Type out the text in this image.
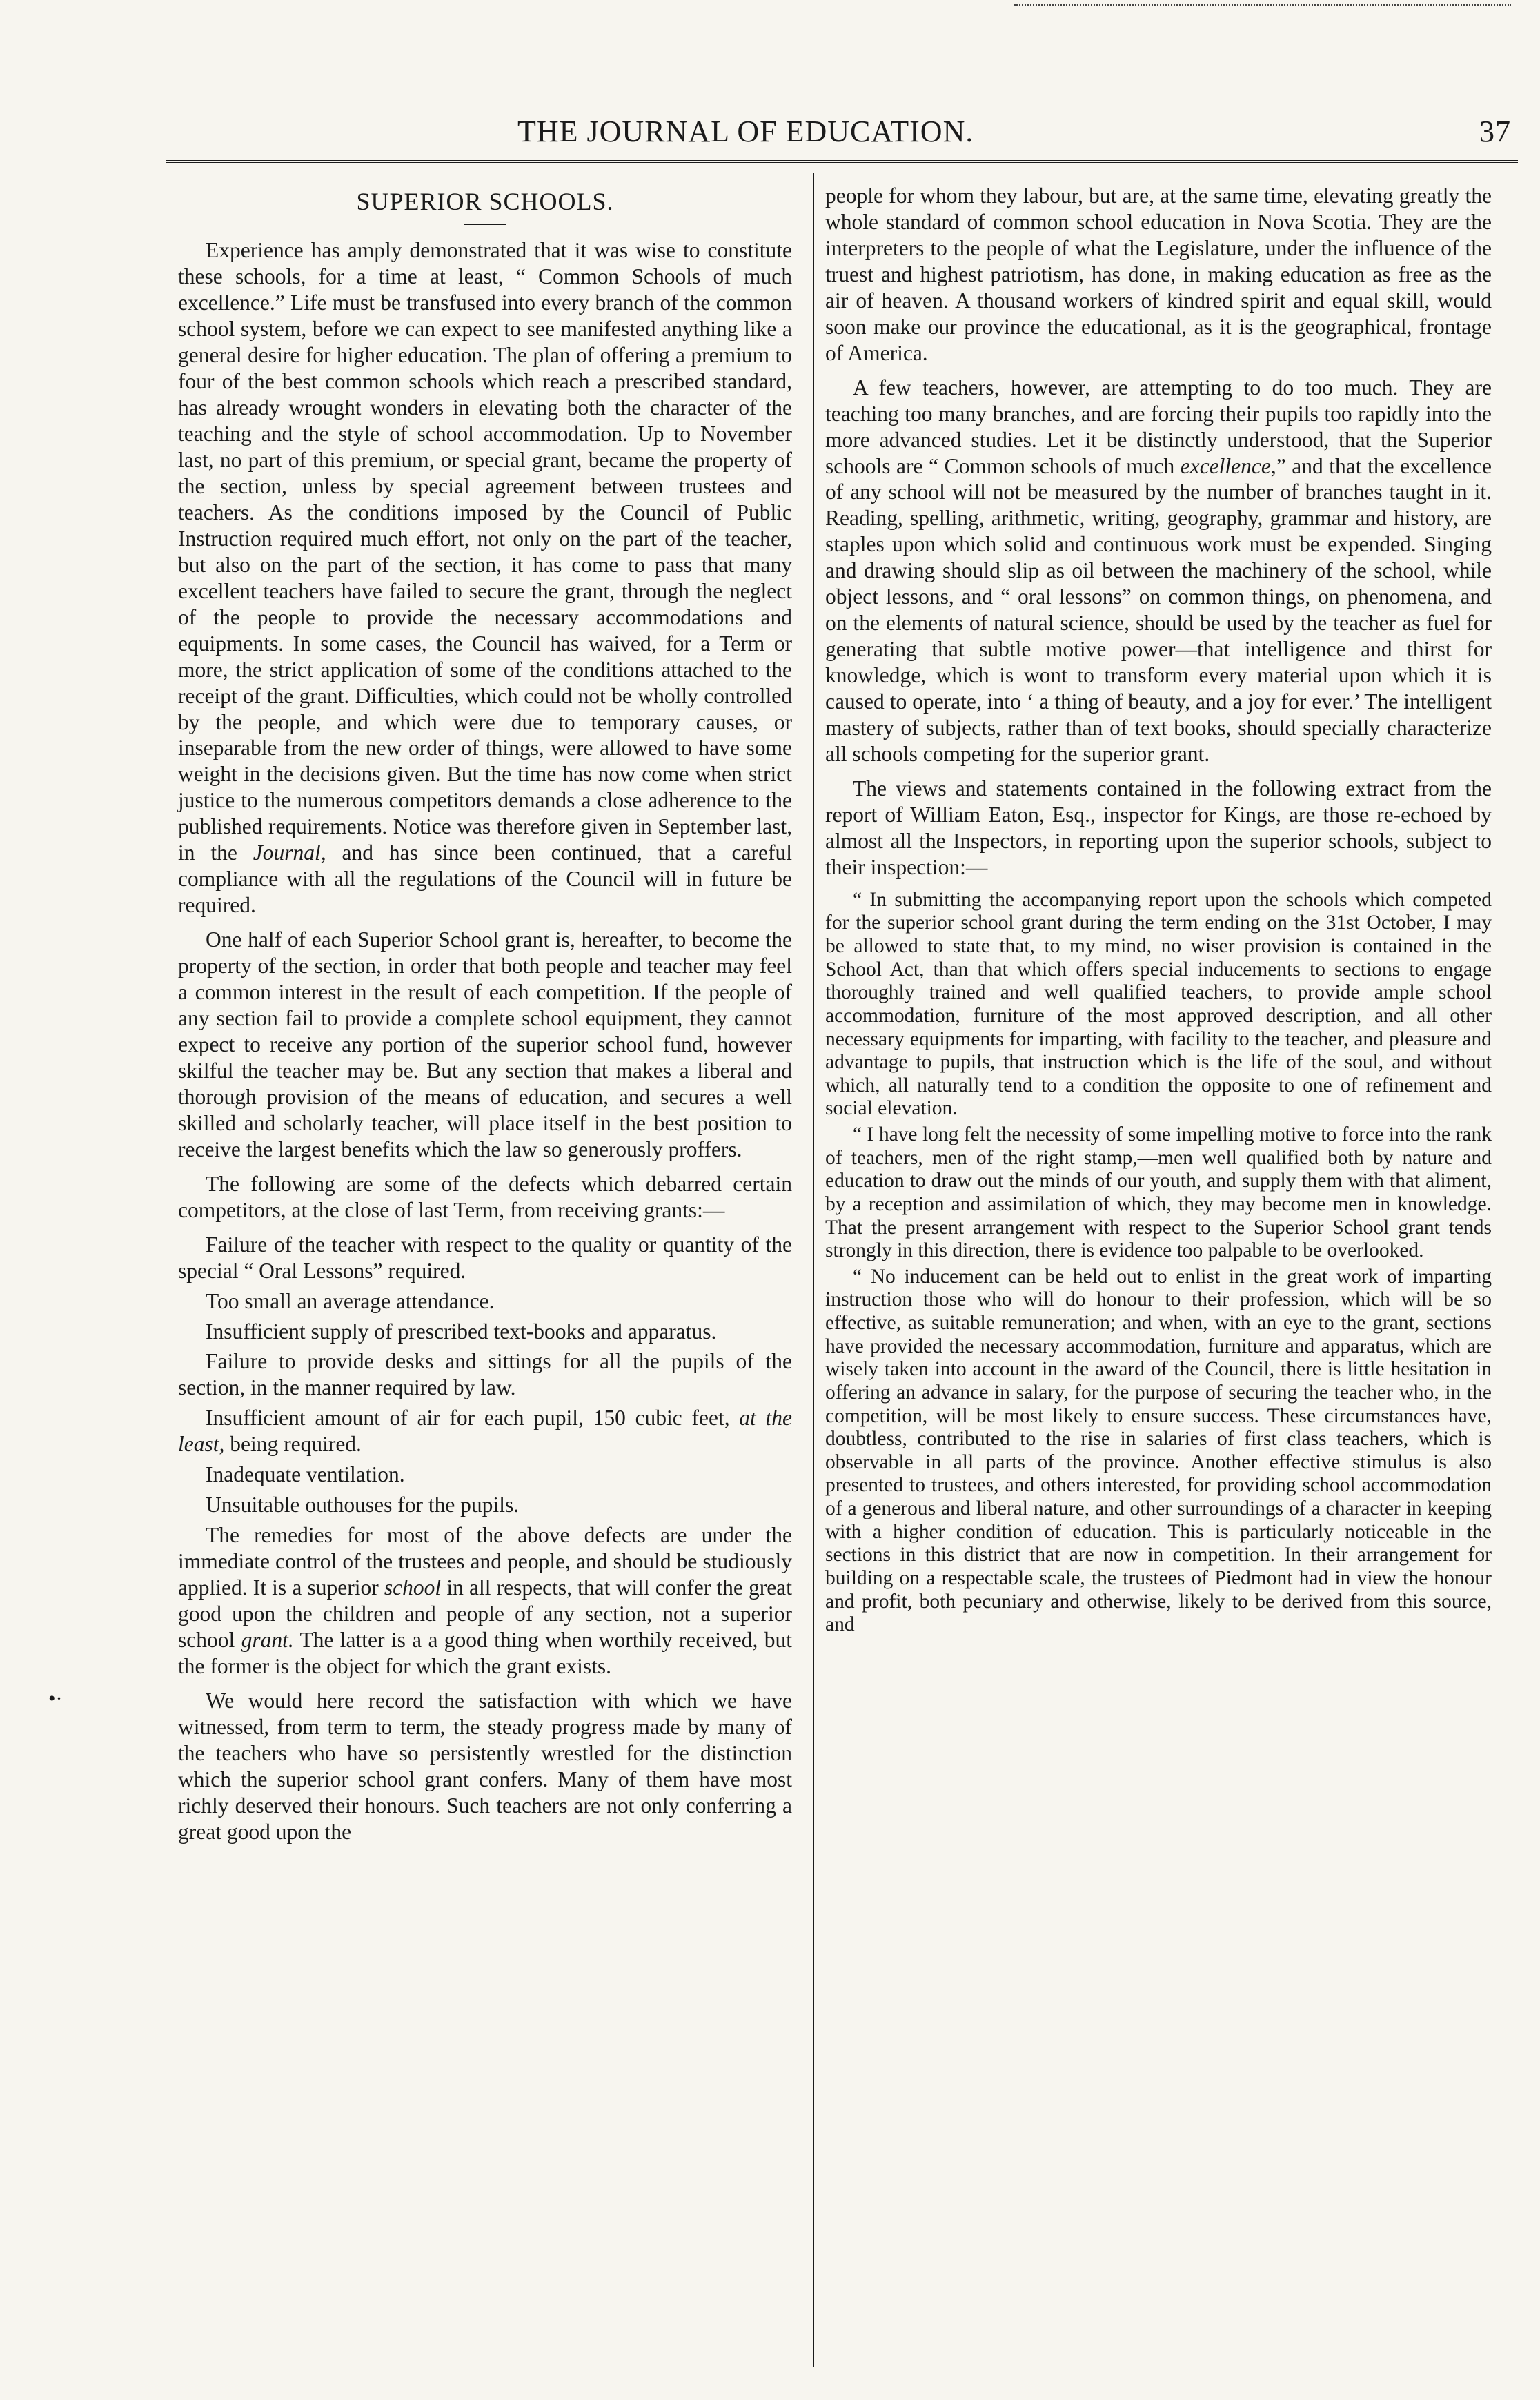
THE JOURNAL OF EDUCATION.	37
•·
SUPERIOR SCHOOLS.

Experience has amply demonstrated that it was wise to constitute these schools, for a time at least, “ Common Schools of much excellence.” Life must be transfused into every branch of the common school system, before we can expect to see manifested anything like a general desire for higher education. The plan of offering a premium to four of the best common schools which reach a prescribed standard, has already wrought wonders in elevating both the character of the teaching and the style of school accommodation. Up to November last, no part of this premium, or special grant, became the property of the section, unless by special agreement between trustees and teachers. As the conditions imposed by the Council of Public Instruction required much effort, not only on the part of the teacher, but also on the part of the section, it has come to pass that many excellent teachers have failed to secure the grant, through the neglect of the people to provide the necessary accommodations and equipments. In some cases, the Council has waived, for a Term or more, the strict application of some of the conditions attached to the receipt of the grant. Difficulties, which could not be wholly controlled by the people, and which were due to temporary causes, or inseparable from the new order of things, were allowed to have some weight in the decisions given. But the time has now come when strict justice to the numerous competitors demands a close adherence to the published requirements. Notice was therefore given in September last, in the Journal, and has since been continued, that a careful compliance with all the regulations of the Council will in future be required.

One half of each Superior School grant is, hereafter, to become the property of the section, in order that both people and teacher may feel a common interest in the result of each competition. If the people of any section fail to provide a complete school equipment, they cannot expect to receive any portion of the superior school fund, however skilful the teacher may be. But any section that makes a liberal and thorough provision of the means of education, and secures a well skilled and scholarly teacher, will place itself in the best position to receive the largest benefits which the law so generously proffers.

The following are some of the defects which debarred certain competitors, at the close of last Term, from receiving grants:—

Failure of the teacher with respect to the quality or quantity of the special “ Oral Lessons” required.

Too small an average attendance.

Insufficient supply of prescribed text-books and apparatus.

Failure to provide desks and sittings for all the pupils of the section, in the manner required by law.

Insufficient amount of air for each pupil, 150 cubic feet, at the least, being required.

Inadequate ventilation.

Unsuitable outhouses for the pupils.

The remedies for most of the above defects are under the immediate control of the trustees and people, and should be studiously applied. It is a superior school in all respects, that will confer the great good upon the children and people of any section, not a superior school grant. The latter is a a good thing when worthily received, but the former is the object for which the grant exists.

We would here record the satisfaction with which we have witnessed, from term to term, the steady progress made by many of the teachers who have so persistently wrestled for the distinction which the superior school grant confers. Many of them have most richly deserved their honours. Such teachers are not only conferring a great good upon the

people for whom they labour, but are, at the same time, elevating greatly the whole standard of common school education in Nova Scotia. They are the interpreters to the people of what the Legislature, under the influence of the truest and highest patriotism, has done, in making education as free as the air of heaven. A thousand workers of kindred spirit and equal skill, would soon make our province the educational, as it is the geographical, frontage of America.

A few teachers, however, are attempting to do too much. They are teaching too many branches, and are forcing their pupils too rapidly into the more advanced studies. Let it be distinctly understood, that the Superior schools are “ Common schools of much excellence,” and that the excellence of any school will not be measured by the number of branches taught in it. Reading, spelling, arithmetic, writing, geography, grammar and history, are staples upon which solid and continuous work must be expended. Singing and drawing should slip as oil between the machinery of the school, while object lessons, and “ oral lessons” on common things, on phenomena, and on the elements of natural science, should be used by the teacher as fuel for generating that subtle motive power—that intelligence and thirst for knowledge, which is wont to transform every material upon which it is caused to operate, into ‘ a thing of beauty, and a joy for ever.’ The intelligent mastery of subjects, rather than of text books, should specially characterize all schools competing for the superior grant.

The views and statements contained in the following extract from the report of William Eaton, Esq., inspector for Kings, are those re-echoed by almost all the Inspectors, in reporting upon the superior schools, subject to their inspection:—

“ In submitting the accompanying report upon the schools which competed for the superior school grant during the term ending on the 31st October, I may be allowed to state that, to my mind, no wiser provision is contained in the School Act, than that which offers special inducements to sections to engage thoroughly trained and well qualified teachers, to provide ample school accommodation, furniture of the most approved description, and all other necessary equipments for imparting, with facility to the teacher, and pleasure and advantage to pupils, that instruction which is the life of the soul, and without which, all naturally tend to a condition the opposite to one of refinement and social elevation.

“ I have long felt the necessity of some impelling motive to force into the rank of teachers, men of the right stamp,—men well qualified both by nature and education to draw out the minds of our youth, and supply them with that aliment, by a reception and assimilation of which, they may become men in knowledge. That the present arrangement with respect to the Superior School grant tends strongly in this direction, there is evidence too palpable to be overlooked.

“ No inducement can be held out to enlist in the great work of imparting instruction those who will do honour to their profession, which will be so effective, as suitable remuneration; and when, with an eye to the grant, sections have provided the necessary accommodation, furniture and apparatus, which are wisely taken into account in the award of the Council, there is little hesitation in offering an advance in salary, for the purpose of securing the teacher who, in the competition, will be most likely to ensure success. These circumstances have, doubtless, contributed to the rise in salaries of first class teachers, which is observable in all parts of the province. Another effective stimulus is also presented to trustees, and others interested, for providing school accommodation of a generous and liberal nature, and other surroundings of a character in keeping with a higher condition of education. This is particularly noticeable in the sections in this district that are now in competition. In their arrangement for building on a respectable scale, the trustees of Piedmont had in view the honour and profit, both pecuniary and otherwise, likely to be derived from this source, and
